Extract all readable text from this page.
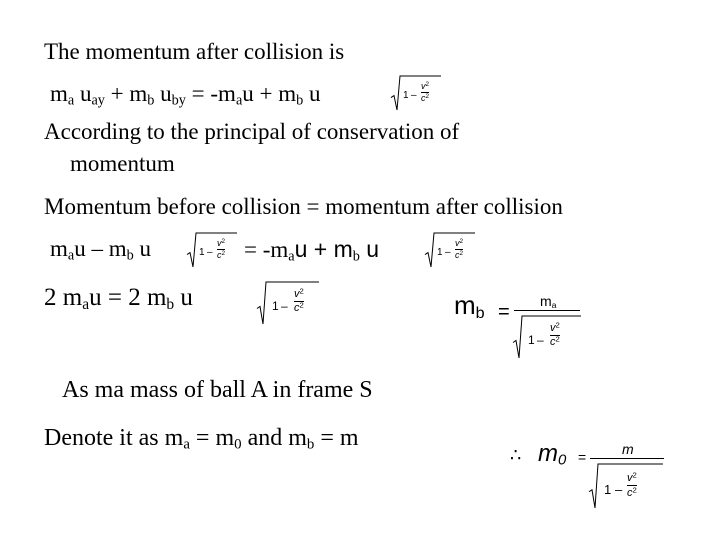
The momentum after collision is
$m_a$ $u_{ay} + m_b$ $u_{by} = -m_au + m_b$ u	$1 - \frac{v^2}{c^2}$
According to the principal of conservation of
momentum
Momentum before collision = momentum after collision
$m_au - m_b$ u	$1 - \frac{v^2}{c^2} = -m_au + m_b$ u	$1 - \frac{v^2}{c^2}$
2 $m_au = 2$ $m_b$ u	$1 - \frac{v^2}{c^2}$	$m_b = m_a$
$1 - \frac{v^2}{c^2}$
As ma mass of ball A in frame S
Denote it as $m_a = m_0$ and $m_b = m$
∴ $m_0$ =	m
$1 - \frac{v^2}{c^2}$
